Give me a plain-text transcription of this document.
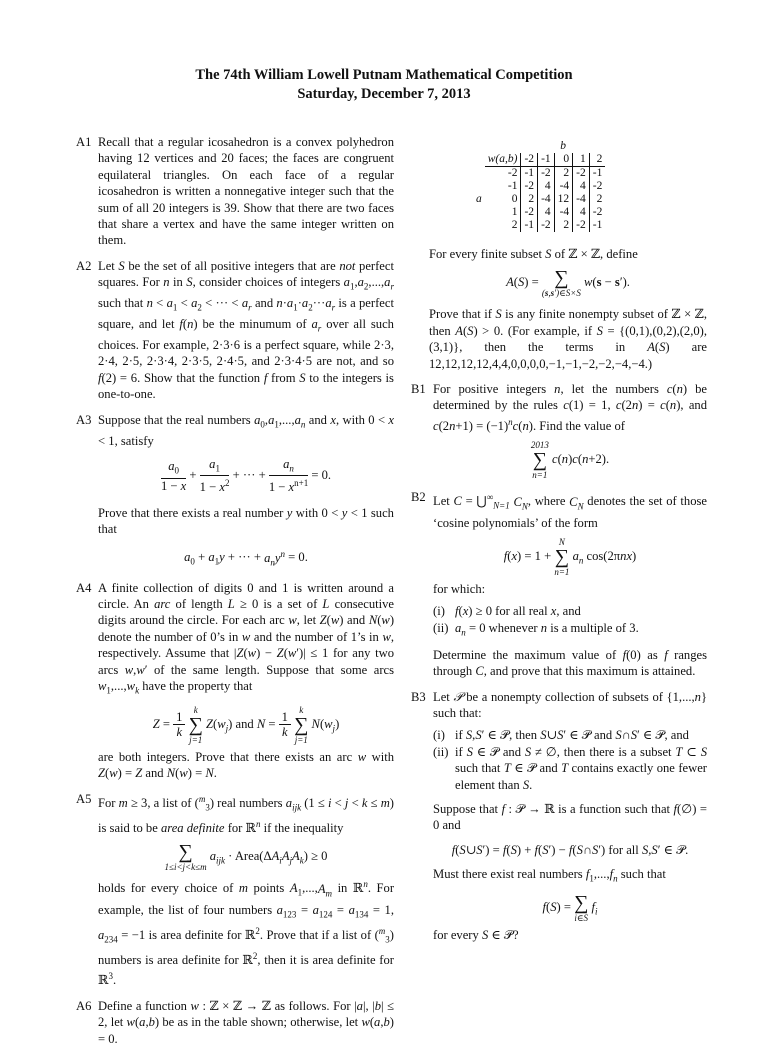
The 74th William Lowell Putnam Mathematical Competition
Saturday, December 7, 2013
A1 Recall that a regular icosahedron is a convex polyhedron having 12 vertices and 20 faces; the faces are congruent equilateral triangles. On each face of a regular icosahedron is written a nonnegative integer such that the sum of all 20 integers is 39. Show that there are two faces that share a vertex and have the same integer written on them.
A2 Let S be the set of all positive integers that are not perfect squares. For n in S, consider choices of integers $a_1,a_2,...,a_r$ such that $n < a_1 < a_2$ < ··· < $a_r$ and $n\cdot a_1\cdot a_2\cdot\cdot\cdot a_r$ is a perfect square, and let f(n) be the minumum of $a_r$ over all such choices. For example, 2·3·6 is a perfect square, while 2·3, 2·4, 2·5, 2·3·4, 2·3·5, 2·4·5, and 2·3·4·5 are not, and so f(2) = 6. Show that the function f from S to the integers is one-to-one.
A3 Suppose that the real numbers $a_0,a_1,...,a_n$ and x, with 0 < x < 1, satisfy
$\frac{a_0}{1 - x} + \frac{a_1}{1 - x^2}$ + ··· + $\frac{a_n}{1 - x^{n+1}} = 0$.
Prove that there exists a real number y with 0 < y < 1 such that
$a_0 + a_1y$ + ··· + $a_ny^n = 0$.
A4 A finite collection of digits 0 and 1 is written around a circle. An arc of length L ≥ 0 is a set of L consecutive digits around the circle. For each arc w, let Z(w) and N(w) denote the number of 0’s in w and the number of 1’s in w, respectively. Assume that |Z(w) − Z(w′)| ≤ 1 for any two arcs w,w′ of the same length. Suppose that some arcs $w_1,...,w_k$ have the property that
$Z = \frac{1}{k}$

k
∑
j=1
$Z(w_j)$ and $N = \frac{1}{k}$

k
∑
j=1
$N(w_j)$
are both integers. Prove that there exists an arc w with Z(w) = Z and N(w) = N.
A5 For m ≥ 3, a list of ($^m_3$) real numbers $a_{ijk}$ (1 ≤ i < j < k ≤ m) is said to be area definite for ℝ$^n$ if the inequality
∑
1≤i<j<k≤m
$a_{ijk}$ · $Area(\Delta A_iA_jA_k) \ge 0$
holds for every choice of m points $A_1,...,A_m$ in ℝ$^n$. For example, the list of four numbers $a_{123} = a_{124} = a_{134} = 1$, $a_{234} = -1$ is area definite for ℝ$^2$. Prove that if a list of ($^m_3$) numbers is area definite for ℝ$^2$, then it is area definite for ℝ$^3$.
A6 Define a function w : ℤ × ℤ → ℤ as follows. For |a|, |b| ≤ 2, let w(a,b) be as in the table shown; otherwise, let w(a,b) = 0.
		b				
	w(a,b)	-2	-1	0	1	2
	-2	-1	-2	2	-2	-1
	-1	-2	4	-4	4	-2
a	0	2	-4	12	-4	2
	1	-2	4	-4	4	-2
	2	-1	-2	2	-2	-1
For every finite subset S of ℤ × ℤ, define
A(S) = ∑
(s,s′)∈S×S
w(s − s′).
Prove that if S is any finite nonempty subset of ℤ × ℤ, then A(S) > 0. (For example, if S = {(0,1),(0,2),(2,0),(3,1)}, then the terms in A(S) are 12,12,12,12,4,4,0,0,0,0,−1,−1,−2,−2,−4,−4.)
B1 For positive integers n, let the numbers c(n) be determined by the rules c(1) = 1, c(2n) = c(n), and $c(2n+1) = (-1)^nc(n)$. Find the value of
2013
∑
n=1
c(n)c(n+2).
B2 Let $C = ⋃^\infty_{N=1}$ $C_N$, where $C_N$ denotes the set of those ‘cosine polynomials’ of the form
f(x) = 1 +
N
∑
n=1
$a_n$ cos(2πnx)
for which:
(i) f(x) ≥ 0 for all real x, and
(ii) $a_n = 0$ whenever n is a multiple of 3.
Determine the maximum value of f(0) as f ranges through C, and prove that this maximum is attained.
B3 Let 𝒫 be a nonempty collection of subsets of {1,...,n} such that:
(i) if S,S′ ∈ 𝒫, then S∪S′ ∈ 𝒫 and S∩S′ ∈ 𝒫, and
(ii) if S ∈ 𝒫 and S ≠ ∅, then there is a subset T ⊂ S such that T ∈ 𝒫 and T contains exactly one fewer element than S.
Suppose that f : 𝒫 → ℝ is a function such that f(∅) = 0 and
f(S∪S′) = f(S) + f(S′) − f(S∩S′) for all S,S′ ∈ 𝒫.
Must there exist real numbers $f_1,...,f_n$ such that
f(S) = ∑
i∈S
$f_i$
for every S ∈ 𝒫?
